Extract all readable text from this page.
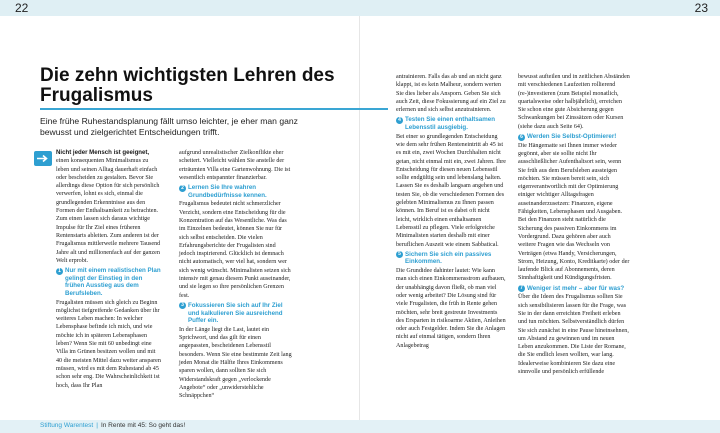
22	23
Die zehn wichtigsten Lehren des Frugalismus

Eine frühe Ruhestandsplanung fällt umso leichter, je eher man ganz bewusst und zielgerichtet Entscheidungen trifft.

Nicht jeder Mensch ist geeignet, einen konsequenten Minimalismus zu leben und seinen Alltag dauerhaft einfach oder bescheiden zu gestalten. Bevor Sie allerdings diese Option für sich persönlich verwerfen, lohnt es sich, einmal die grundlegenden Erkenntnisse aus den Formen der Enthaltsamkeit zu betrachten. Zum einen lassen sich daraus wichtige Impulse für Ihr Ziel eines früheren Rentenstarts ableiten. Zum anderen ist der Frugalismus mittlerweile mehrere Tausend Jahre alt und millionenfach auf der ganzen Welt erprobt.

1 Nur mit einem realistischen Plan gelingt der Einstieg in den frühen Ausstieg aus dem Berufsleben.

Frugalisten müssen sich gleich zu Beginn möglichst tiefgreifende Gedanken über ihr weiteres Leben machen: In welcher Lebensphase befinde ich mich, und wie möchte ich in späteren Lebensphasen leben? Wenn Sie mit 60 unbedingt eine Villa im Grünen besitzen wollen und mit 40 die meisten Mittel dazu weiter ansparen müssen, wird es mit dem Ruhestand ab 45 schon sehr eng. Die Wahrscheinlichkeit ist hoch, dass Ihr Plan

aufgrund unrealistischer Zielkonflikte eher scheitert. Vielleicht wählen Sie anstelle der erträumten Villa eine Gartenwohnung. Die ist wesentlich entspannter finanzierbar.

2 Lernen Sie Ihre wahren Grundbedürfnisse kennen.

Frugalismus bedeutet nicht schmerzlicher Verzicht, sondern eine Entscheidung für die Konzentration auf das Wesentliche. Was das im Einzelnen bedeutet, können Sie nur für sich selbst entscheiden. Die vielen Erfahrungsberichte der Frugalisten sind jedoch inspirierend. Glücklich ist demnach nicht automatisch, wer viel hat, sondern wer sich wenig wünscht. Minimalisten setzen sich intensiv mit genau diesem Punkt auseinander, und sie legen so ihre persönlichen Grenzen fest.

3 Fokussieren Sie sich auf Ihr Ziel und kalkulieren Sie ausreichend Puffer ein.

In der Länge liegt die Last, lautet ein Sprichwort, und das gilt für einen angepassten, bescheidenen Lebensstil besonders. Wenn Sie eine bestimmte Zeit lang jeden Monat die Hälfte Ihres Einkommens sparen wollen, dann sollten Sie sich Widerstandskraft gegen „verlockende Angebote“ oder „unwiderstehliche Schnäppchen“

antrainieren. Falls das ab und an nicht ganz klappt, ist es kein Malheur, sondern werten Sie dies lieber als Ansporn. Geben Sie sich auch Zeit, diese Fokussierung auf ein Ziel zu erlernen und sich selbst anzutrainieren.

4 Testen Sie einen enthaltsamen Lebensstil ausgiebig.

Bei einer so grundlegenden Entscheidung wie dem sehr frühen Renteneintritt ab 45 ist es mit ein, zwei Wochen Durchhalten nicht getan, nicht einmal mit ein, zwei Jahren. Ihre Entscheidung für diesen neuen Lebensstil sollte endgültig sein und lebenslang halten. Lassen Sie es deshalb langsam angehen und testen Sie, ob die verschiedenen Formen des gelebten Minimalismus zu Ihnen passen können. Im Beruf ist es dabei oft nicht leicht, wirklich einen enthaltsamen Lebensstil zu pflegen. Viele erfolgreiche Minimalisten starten deshalb mit einer beruflichen Auszeit wie einem Sabbatical.

5 Sichern Sie sich ein passives Einkommen.

Die Grundidee dahinter lautet: Wie kann man sich einen Einkommensstrom aufbauen, der unabhängig davon fließt, ob man viel oder wenig arbeitet? Die Lösung sind für viele Frugalisten, die früh in Rente gehen möchten, sehr breit gestreute Investments des Ersparten in risikoarme Aktien, Anleihen oder auch Festgelder. Indem Sie die Anlagen nicht auf einmal tätigen, sondern Ihren Anlagebetrag

bewusst aufteilen und in zeitlichen Abständen mit verschiedenen Laufzeiten rollierend (re-)investieren (zum Beispiel monatlich, quartalsweise oder halbjährlich), erreichen Sie schon eine gute Absicherung gegen Schwankungen bei Zinssätzen oder Kursen (siehe dazu auch Seite 64).

6 Werden Sie Selbst-Optimierer!

Die Hängematte sei Ihnen immer wieder gegönnt, aber sie sollte nicht Ihr ausschließlicher Aufenthaltsort sein, wenn Sie früh aus dem Berufsleben aussteigen möchten. Sie müssen bereit sein, sich eigenverantwortlich mit der Optimierung einiger wichtiger Alltagsfragen auseinanderzusetzen: Finanzen, eigene Fähigkeiten, Lebensphasen und Ausgaben. Bei den Finanzen steht natürlich die Sicherung des passiven Einkommens im Vordergrund. Dazu gehören aber auch weitere Fragen wie das Wechseln von Verträgen (etwa Handy, Versicherungen, Strom, Heizung, Konto, Kreditkarte) oder der laufende Blick auf Abonnements, deren Sinnhaftigkeit und Kündigungsfristen.

7 Weniger ist mehr – aber für was?

Über die Ideen des Frugalismus sollten Sie sich sensibilisieren lassen für die Frage, was Sie in der dann erreichten Freiheit erleben und tun möchten. Selbstverständlich dürfen Sie sich zunächst in eine Pause hineinsehnen, um Abstand zu gewinnen und im neuen Leben anzukommen. Die Liste der Romane, die Sie endlich lesen wollten, war lang. Idealerweise kombinieren Sie dazu eine sinnvolle und persönlich erfüllende

Stiftung Warentest | In Rente mit 45: So geht das!
